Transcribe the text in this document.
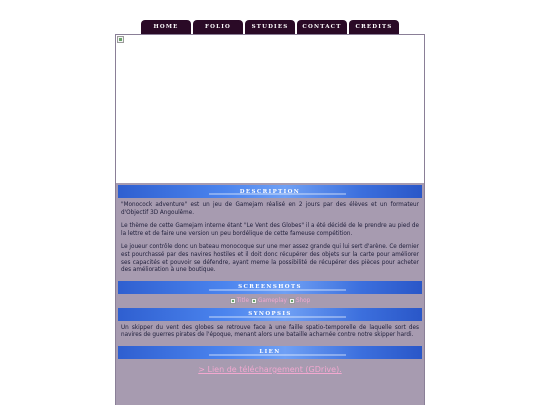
HOME	FOLIO	STUDIES	CONTACT	CREDITS
DESCRIPTION

"Monocock adventure" est un jeu de Gamejam réalisé en 2 jours par des élèves et un formateur d'Objectif 3D Angoulême.

Le thème de cette Gamejam interne étant "Le Vent des Globes" il a été décidé de le prendre au pied de la lettre et de faire une version un peu bordélique de cette fameuse compétition.

Le joueur contrôle donc un bateau monocoque sur une mer assez grande qui lui sert d'arène. Ce dernier est pourchassé par des navires hostiles et il doit donc récupérer des objets sur la carte pour améliorer ses capacités et pouvoir se défendre, ayant meme la possibilité de récupérer des pièces pour acheter des amélioration à une boutique.

SCREENSHOTS
Title Gameplay Shop
SYNOPSIS

Un skipper du vent des globes se retrouve face à une faille spatio-temporelle de laquelle sort des navires de guerres pirates de l'époque, menant alors une bataille acharnée contre notre skipper hardi.

LIEN
> Lien de téléchargement (GDrive).
